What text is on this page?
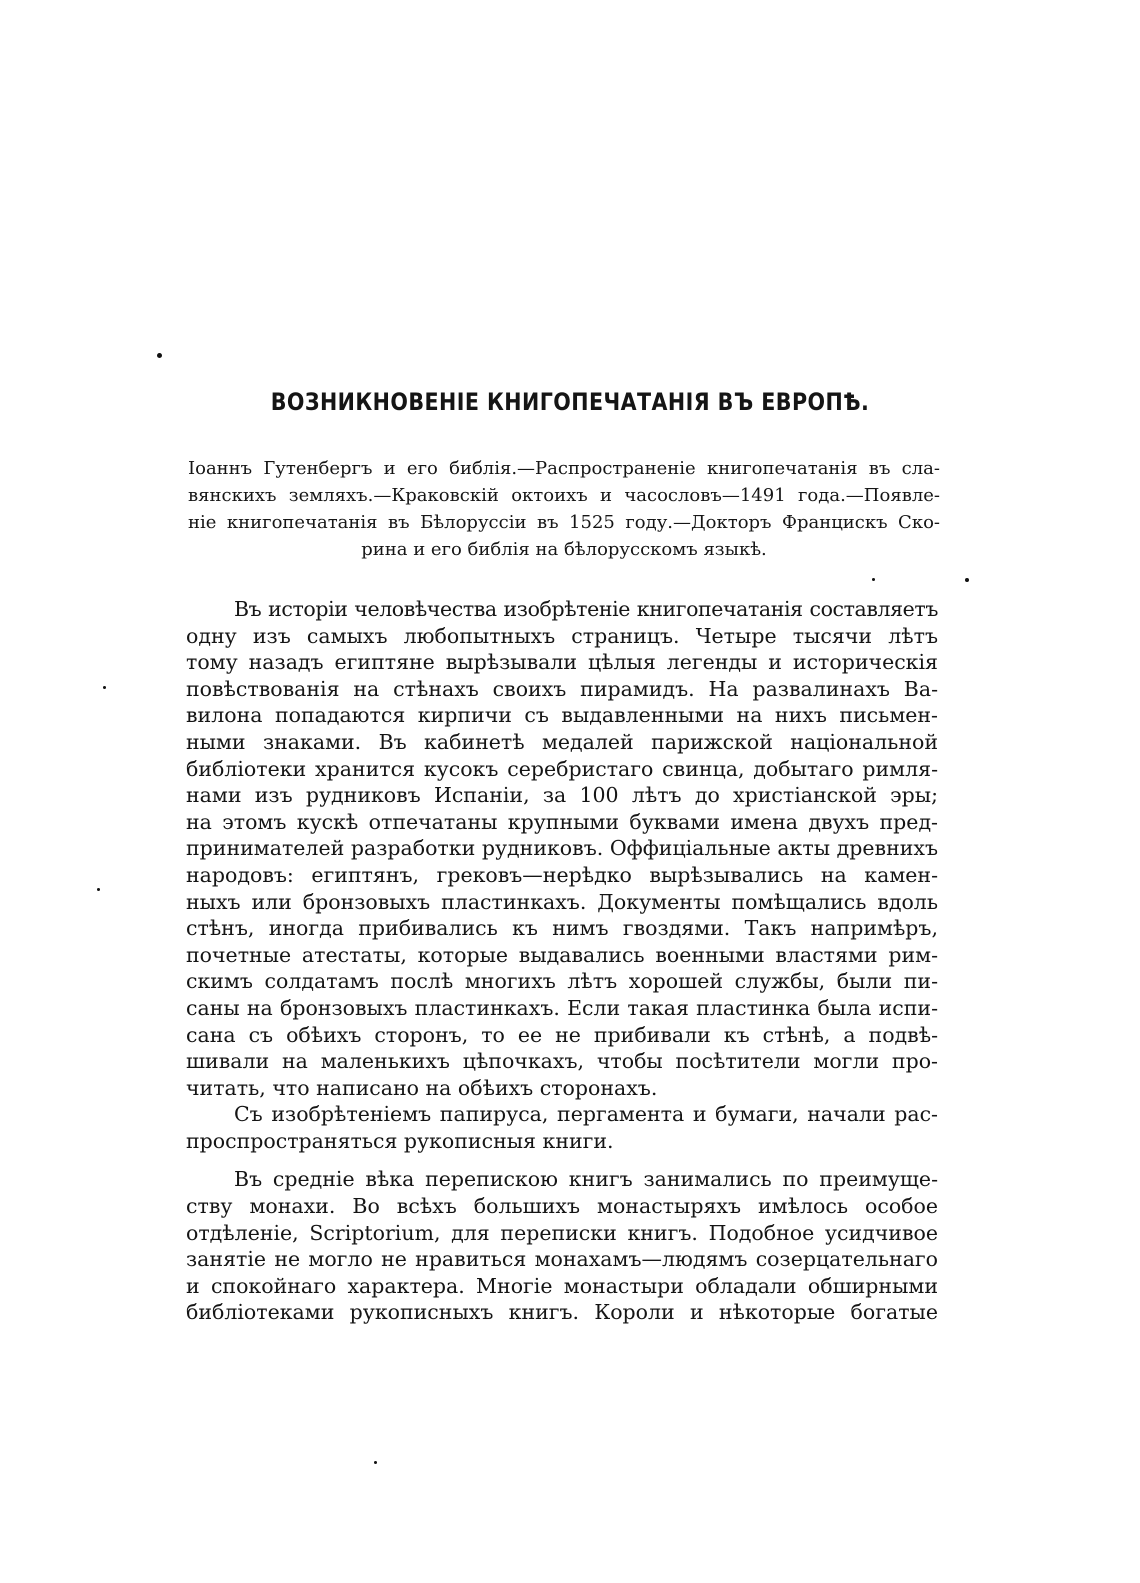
ВОЗНИКНОВЕНІЕ КНИГОПЕЧАТАНІЯ ВЪ ЕВРОПѢ.
Іоаннъ Гутенбергъ и его библія.—Распространеніе книгопечатанія въ сла-
вянскихъ земляхъ.—Краковскій октоихъ и часословъ—1491 года.—Появле-
ніе книгопечатанія въ Бѣлоруссіи въ 1525 году.—Докторъ Франциcкъ Ско-
рина и его библія на бѣлорусскомъ языкѣ.
Въ исторіи человѣчества изобрѣтеніе книгопечатанія составляетъ
одну изъ самыхъ любопытныхъ страницъ. Четыре тысячи лѣтъ
тому назадъ египтяне вырѣзывали цѣлыя легенды и историческія
повѣствованія на стѣнахъ своихъ пирамидъ. На развалинахъ Ва-
вилона попадаются кирпичи съ выдавленными на нихъ письмен-
ными знаками. Въ кабинетѣ медалей парижской національной
библіотеки хранится кусокъ серебристаго свинца, добытаго римля-
нами изъ рудниковъ Испаніи, за 100 лѣтъ до христіанской эры;
на этомъ кускѣ отпечатаны крупными буквами имена двухъ пред-
принимателей разработки рудниковъ. Оффиціальные акты древнихъ
народовъ: египтянъ, грековъ—нерѣдко вырѣзывались на камен-
ныхъ или бронзовыхъ пластинкахъ. Документы помѣщались вдоль
стѣнъ, иногда прибивались къ нимъ гвоздями. Такъ напримѣръ,
почетные атестаты, которые выдавались военными властями рим-
скимъ солдатамъ послѣ многихъ лѣтъ хорошей службы, были пи-
саны на бронзовыхъ пластинкахъ. Если такая пластинка была испи-
сана съ обѣихъ сторонъ, то ее не прибивали къ стѣнѣ, а подвѣ-
шивали на маленькихъ цѣпочкахъ, чтобы посѣтители могли про-
читать, что написано на обѣихъ сторонахъ.
Съ изобрѣтеніемъ папируса, пергамента и бумаги, начали рас-
проспространяться рукописныя книги.
Въ средніе вѣка перепискою книгъ занимались по преимуще-
ству монахи. Во всѣхъ большихъ монастыряхъ имѣлось особое
отдѣленіе, Scriptorium, для переписки книгъ. Подобное усидчивое
занятіе не могло не нравиться монахамъ—людямъ созерцательнаго
и спокойнаго характера. Многіе монастыри обладали обширными
библіотеками рукописныхъ книгъ. Короли и нѣкоторые богатые
